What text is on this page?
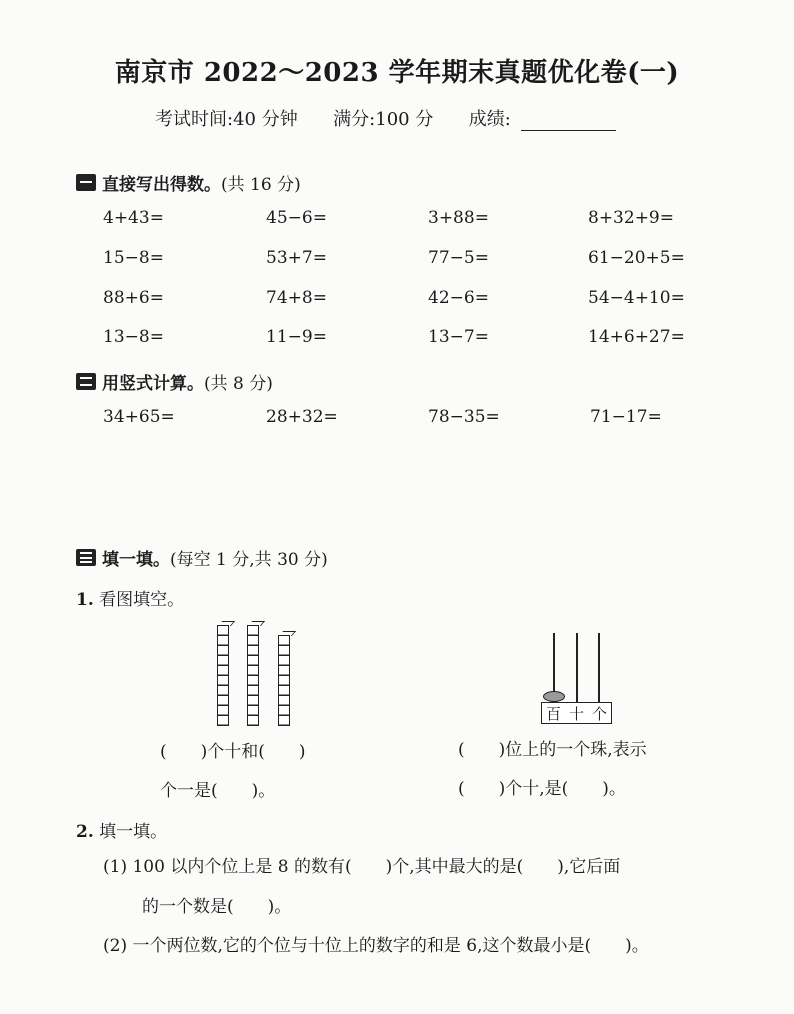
南京市 2022～2023 学年期末真题优化卷(一)
考试时间:40 分钟 满分:100 分 成绩:
直接写出得数。 (共 16 分)
4+43=	45−6=	3+88=	8+32+9=
15−8=	53+7=	77−5=	61−20+5=
88+6=	74+8=	42−6=	54−4+10=
13−8=	11−9=	13−7=	14+6+27=
用竖式计算。 (共 8 分)
34+65=	28+32=	78−35=	71−17=
填一填。 (每空 1 分,共 30 分)
1. 看图填空。
(　　)个十和(　　)
个一是(　　)。
百 十 个
(　　)位上的一个珠,表示
(　　)个十,是(　　)。
2. 填一填。
(1) 100 以内个位上是 8 的数有(　　)个,其中最大的是(　　),它后面
的一个数是(　　)。
(2) 一个两位数,它的个位与十位上的数字的和是 6,这个数最小是(　　)。
